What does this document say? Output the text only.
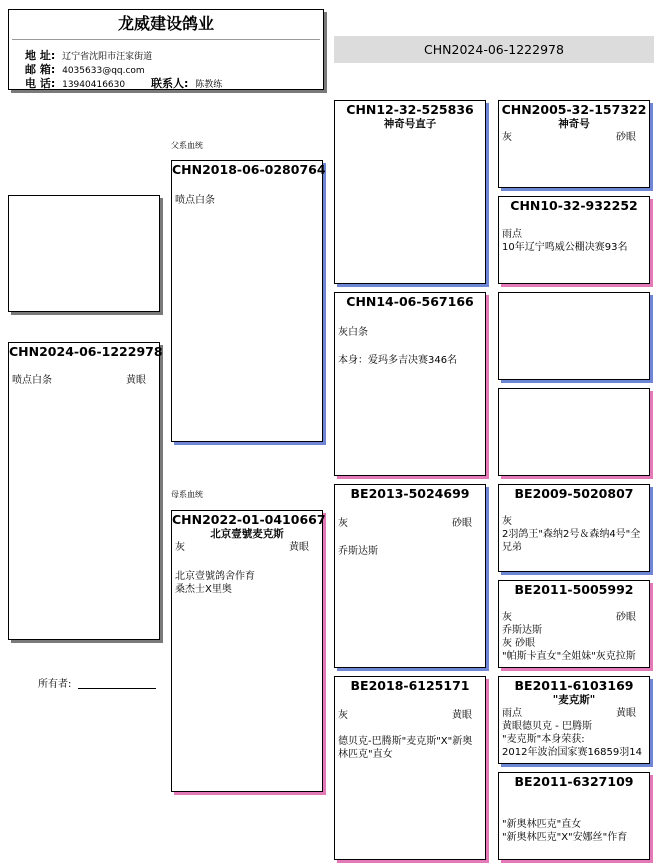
龙威建设鸽业
地 址: 辽宁省沈阳市汪家街道
邮 箱: 4035633@qq.com
电 话: 13940416630 联系人: 陈教练
CHN2024-06-1222978
CHN2024-06-1222978
喷点白条	黄眼
所有者:
父系血统
母系血统
CHN2018-06-0280764
喷点白条
CHN2022-01-0410667
北京壹號麦克斯
灰	黄眼
北京壹號鸽舍作育
桑杰士X里奥
CHN12-32-525836
神奇号直子
CHN14-06-567166
灰白条
本身：爱玛多吉决赛346名
BE2013-5024699
灰	砂眼
乔斯达斯
BE2018-6125171
灰	黄眼
德贝克-巴腾斯"麦克斯"X"新奥
林匹克"直女
CHN2005-32-157322
神奇号
灰	砂眼
CHN10-32-932252
雨点
10年辽宁鸣威公棚决赛93名
BE2009-5020807
灰
2羽鸽王"森纳2号＆森纳4号"全
兄弟
BE2011-5005992
灰	砂眼
乔斯达斯
灰 砂眼
"帕斯卡直女"全姐妹"灰克拉斯
BE2011-6103169
"麦克斯"
雨点	黄眼
黄眼德贝克 - 巴腾斯
"麦克斯"本身荣获:
2012年波治国家赛16859羽14
BE2011-6327109
"新奥林匹克"直女
"新奥林匹克"X"安娜丝"作育
